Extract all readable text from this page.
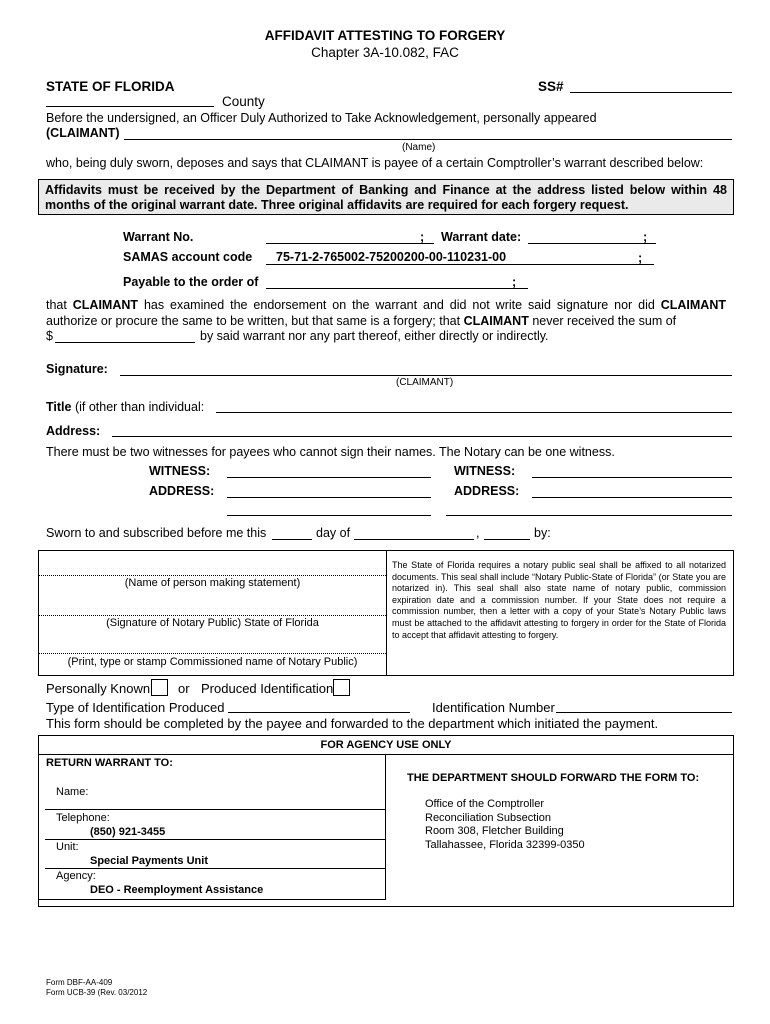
AFFIDAVIT ATTESTING TO FORGERY
Chapter 3A-10.082, FAC
STATE OF FLORIDA	SS#
County
Before the undersigned, an Officer Duly Authorized to Take Acknowledgement, personally appeared
(CLAIMANT)
(Name)
who, being duly sworn, deposes and says that CLAIMANT is payee of a certain Comptroller’s warrant described below:
Affidavits must be received by the Department of Banking and Finance at the address listed below within 48 months of the original warrant date. Three original affidavits are required for each forgery request.
Warrant No.	; Warrant date:	;
SAMAS account code 75-71-2-765002-75200200-00-110231-00	;
Payable to the order of	;
that CLAIMANT has examined the endorsement on the warrant and did not write said signature nor did CLAIMANT authorize or procure the same to be written, but that same is a forgery; that CLAIMANT never received the sum of
$	by said warrant nor any part thereof, either directly or indirectly.
Signature:
(CLAIMANT)
Title (if other than individual:
Address:
There must be two witnesses for payees who cannot sign their names. The Notary can be one witness.
WITNESS:	WITNESS:
ADDRESS:	ADDRESS:
Sworn to and subscribed before me this	day of	,	by:
(Name of person making statement)
(Signature of Notary Public) State of Florida
(Print, type or stamp Commissioned name of Notary Public)
The State of Florida requires a notary public seal shall be affixed to all notarized documents. This seal shall include “Notary Public-State of Florida” (or State you are notarized in). This seal shall also state name of notary public, commission expiration date and a commission number. If your State does not require a commission number, then a letter with a copy of your State’s Notary Public laws must be attached to the affidavit attesting to forgery in order for the State of Florida to accept that affidavit attesting to forgery.
Personally Known or Produced Identification
Type of Identification Produced	Identification Number
This form should be completed by the payee and forwarded to the department which initiated the payment.
FOR AGENCY USE ONLY
RETURN WARRANT TO:
Name:
Telephone:
(850) 921-3455
Unit:
Special Payments Unit
Agency:
DEO - Reemployment Assistance
THE DEPARTMENT SHOULD FORWARD THE FORM TO:
Office of the Comptroller
Reconciliation Subsection
Room 308, Fletcher Building
Tallahassee, Florida 32399-0350
Form DBF-AA-409
Form UCB-39 (Rev. 03/2012
